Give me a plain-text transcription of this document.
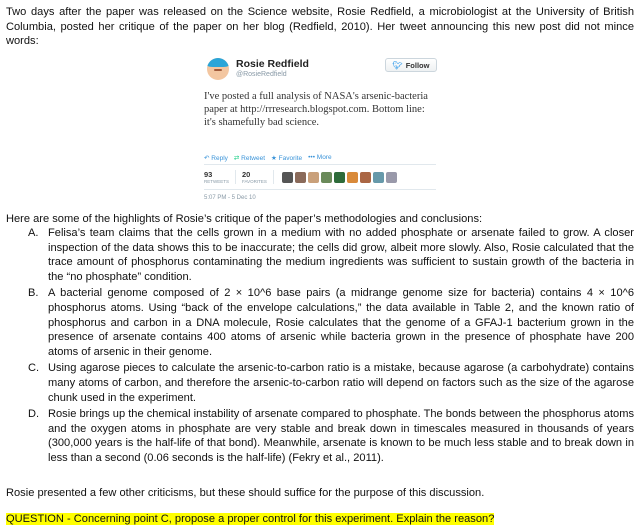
Two days after the paper was released on the Science website, Rosie Redfield, a microbiologist at the University of British Columbia, posted her critique of the paper on her blog (Redfield, 2010). Her tweet announcing this new post did not mince words:
Rosie Redfield
@RosieRedfield
🐦︎ Follow
I've posted a full analysis of NASA's arsenic-bacteria paper at http://rrresearch.blogspot.com. Bottom line: it's shamefully bad science.
↶ Reply ⇄ Retweet ★ Favorite ••• More
93
RETWEETS
20
FAVORITES
5:07 PM - 5 Dec 10
Here are some of the highlights of Rosie’s critique of the paper’s methodologies and conclusions:
A. Felisa’s team claims that the cells grown in a medium with no added phosphate or arsenate failed to grow. A closer inspection of the data shows this to be inaccurate; the cells did grow, albeit more slowly. Also, Rosie calculated that the trace amount of phosphorus contaminating the medium ingredients was sufficient to sustain growth of the bacteria in the “no phosphate” condition.
B. A bacterial genome composed of 2 × 10^6 base pairs (a midrange genome size for bacteria) contains 4 × 10^6 phosphorus atoms. Using “back of the envelope calculations,” the data available in Table 2, and the known ratio of phosphorus and carbon in a DNA molecule, Rosie calculates that the genome of a GFAJ-1 bacterium grown in the presence of arsenate contains 400 atoms of arsenic while bacteria grown in the presence of phosphate have 200 atoms of arsenic in their genome.
C. Using agarose pieces to calculate the arsenic-to-carbon ratio is a mistake, because agarose (a carbohydrate) contains many atoms of carbon, and therefore the arsenic-to-carbon ratio will depend on factors such as the size of the agarose chunk used in the experiment.
D. Rosie brings up the chemical instability of arsenate compared to phosphate. The bonds between the phosphorus atoms and the oxygen atoms in phosphate are very stable and break down in timescales measured in thousands of years (300,000 years is the half-life of that bond). Meanwhile, arsenate is known to be much less stable and to break down in less than a second (0.06 seconds is the half-life) (Fekry et al., 2011).
Rosie presented a few other criticisms, but these should suffice for the purpose of this discussion.
QUESTION - Concerning point C, propose a proper control for this experiment. Explain the reason?
